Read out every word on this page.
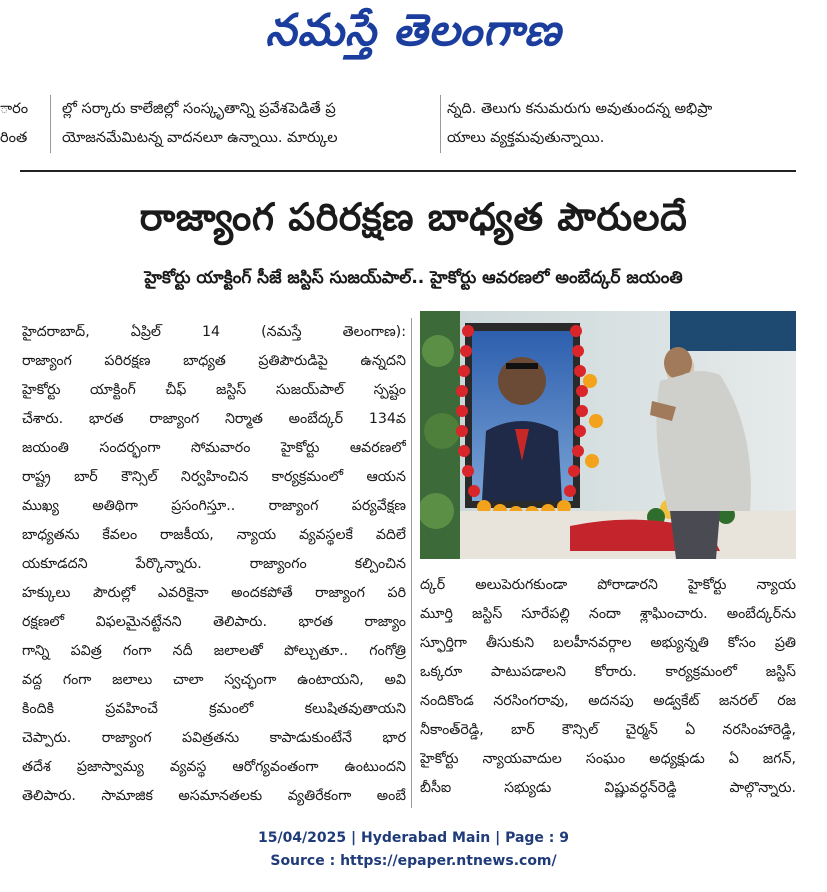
నమస్తే తెలంగాణ
ారం
రింత
ల్లో సర్కారు కాలేజిల్లో సంస్కృతాన్ని ప్రవేశపెడితే ప్ర
యోజనమేమిటన్న వాదనలూ ఉన్నాయి. మార్కుల
న్నది. తెలుగు కనుమరుగు అవుతుందన్న అభిప్రా
యాలు వ్యక్తమవుతున్నాయి.
రాజ్యాంగ పరిరక్షణ బాధ్యత పౌరులదే
హైకోర్టు యాక్టింగ్ సీజే జస్టిస్ సుజయ్‌పాల్.. హైకోర్టు ఆవరణలో అంబేద్కర్ జయంతి
హైదరాబాద్, ఏప్రిల్ 14 (నమస్తే తెలంగాణ):
రాజ్యాంగ పరిరక్షణ బాధ్యత ప్రతిపౌరుడిపై ఉన్నదని
హైకోర్టు యాక్టింగ్ చీఫ్ జస్టిస్ సుజయ్‌పాల్ స్పష్టం
చేశారు. భారత రాజ్యాంగ నిర్మాత అంబేద్కర్ 134వ
జయంతి సందర్భంగా సోమవారం హైకోర్టు ఆవరణలో
రాష్ట్ర బార్ కౌన్సిల్ నిర్వహించిన కార్యక్రమంలో ఆయన
ముఖ్య అతిథిగా ప్రసంగిస్తూ.. రాజ్యాంగ పర్యవేక్షణ
బాధ్యతను కేవలం రాజకీయ, న్యాయ వ్యవస్థలకే వదిలే
యకూడదని పేర్కొన్నారు. రాజ్యాంగం కల్పించిన
హక్కులు పౌరుల్లో ఎవరికైనా అందకపోతే రాజ్యాంగ పరి
రక్షణలో విఫలమైనట్టేనని తెలిపారు. భారత రాజ్యాం
గాన్ని పవిత్ర గంగా నదీ జలాలతో పోల్చుతూ.. గంగోత్రి
వద్ద గంగా జలాలు చాలా స్వచ్ఛంగా ఉంటాయని, అవి
కిందికి ప్రవహించే క్రమంలో కలుషితవుతాయని
చెప్పారు. రాజ్యాంగ పవిత్రతను కాపాడుకుంటేనే భార
తదేశ ప్రజాస్వామ్య వ్యవస్థ ఆరోగ్యవంతంగా ఉంటుందని
తెలిపారు. సామాజిక అసమానతలకు వ్యతిరేకంగా అంబే
ద్కర్ అలుపెరుగకుండా పోరాడారని హైకోర్టు న్యాయ
మూర్తి జస్టిస్ సూరేపల్లి నందా శ్లాఘించారు. అంబేద్కర్‌ను
స్ఫూర్తిగా తీసుకుని బలహీనవర్గాల అభ్యున్నతి కోసం ప్రతి
ఒక్కరూ పాటుపడాలని కోరారు. కార్యక్రమంలో జస్టిస్
నందికొండ నరసింగరావు, అదనపు అడ్వకేట్ జనరల్ రజ
నీకాంత్‌రెడ్డి, బార్ కౌన్సిల్ చైర్మన్ ఏ నరసింహారెడ్డి,
హైకోర్టు న్యాయవాదుల సంఘం అధ్యక్షుడు ఏ జగన్,
బీసీఐ సభ్యుడు విష్ణువర్ధన్‌రెడ్డి పాల్గొన్నారు.
15/04/2025 | Hyderabad Main | Page : 9
Source : https://epaper.ntnews.com/
